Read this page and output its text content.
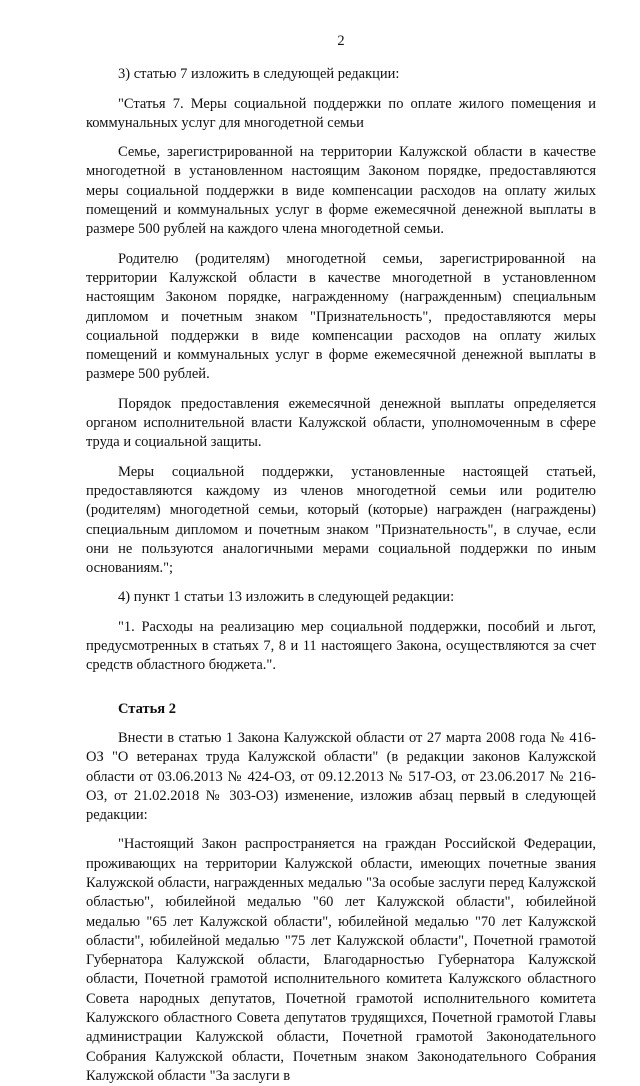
2

3) статью 7 изложить в следующей редакции:

"Статья 7. Меры социальной поддержки по оплате жилого помещения и коммунальных услуг для многодетной семьи

Семье, зарегистрированной на территории Калужской области в качестве многодетной в установленном настоящим Законом порядке, предоставляются меры социальной поддержки в виде компенсации расходов на оплату жилых помещений и коммунальных услуг в форме ежемесячной денежной выплаты в размере 500 рублей на каждого члена многодетной семьи.

Родителю (родителям) многодетной семьи, зарегистрированной на территории Калужской области в качестве многодетной в установленном настоящим Законом порядке, награжденному (награжденным) специальным дипломом и почетным знаком "Признательность", предоставляются меры социальной поддержки в виде компенсации расходов на оплату жилых помещений и коммунальных услуг в форме ежемесячной денежной выплаты в размере 500 рублей.

Порядок предоставления ежемесячной денежной выплаты определяется органом исполнительной власти Калужской области, уполномоченным в сфере труда и социальной защиты.

Меры социальной поддержки, установленные настоящей статьей, предоставляются каждому из членов многодетной семьи или родителю (родителям) многодетной семьи, который (которые) награжден (награждены) специальным дипломом и почетным знаком "Признательность", в случае, если они не пользуются аналогичными мерами социальной поддержки по иным основаниям.";

4) пункт 1 статьи 13 изложить в следующей редакции:

"1. Расходы на реализацию мер социальной поддержки, пособий и льгот, предусмотренных в статьях 7, 8 и 11 настоящего Закона, осуществляются за счет средств областного бюджета.".

Статья 2

Внести в статью 1 Закона Калужской области от 27 марта 2008 года № 416-ОЗ "О ветеранах труда Калужской области" (в редакции законов Калужской области от 03.06.2013 № 424-ОЗ, от 09.12.2013 № 517-ОЗ, от 23.06.2017 № 216-ОЗ, от 21.02.2018 № 303-ОЗ) изменение, изложив абзац первый в следующей редакции:

"Настоящий Закон распространяется на граждан Российской Федерации, проживающих на территории Калужской области, имеющих почетные звания Калужской области, награжденных медалью "За особые заслуги перед Калужской областью", юбилейной медалью "60 лет Калужской области", юбилейной медалью "65 лет Калужской области", юбилейной медалью "70 лет Калужской области", юбилейной медалью "75 лет Калужской области", Почетной грамотой Губернатора Калужской области, Благодарностью Губернатора Калужской области, Почетной грамотой исполнительного комитета Калужского областного Совета народных депутатов, Почетной грамотой исполнительного комитета Калужского областного Совета депутатов трудящихся, Почетной грамотой Главы администрации Калужской области, Почетной грамотой Законодательного Собрания Калужской области, Почетным знаком Законодательного Собрания Калужской области "За заслуги в
